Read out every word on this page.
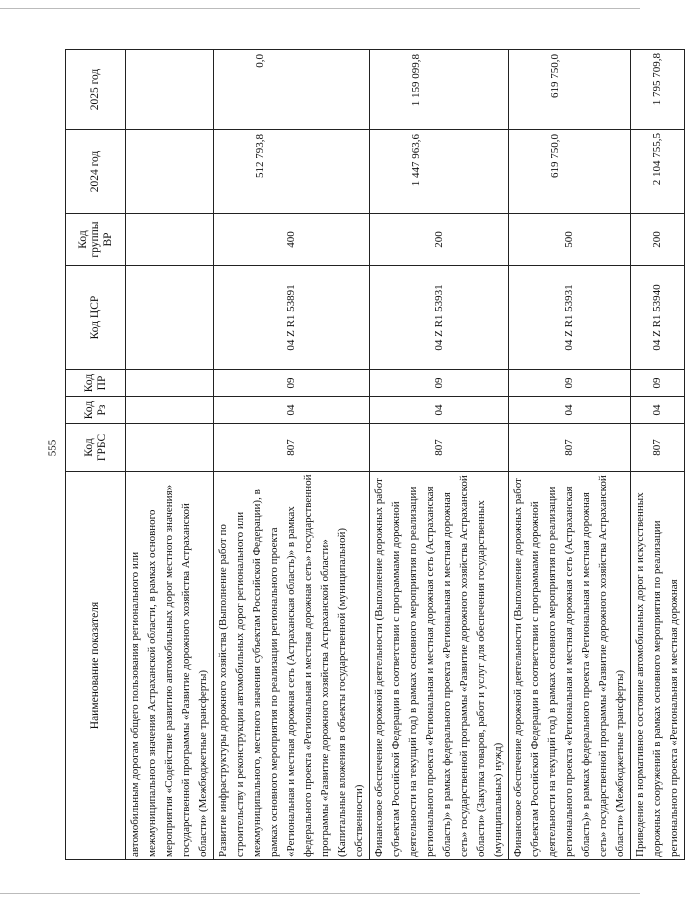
555
Наименование показателя	Код ГРБС	Код Рз	Код ПР	Код ЦСР	Код группы ВР	2024 год	2025 год
автомобильным дорогам общего пользования регионального или межмуниципального значения Астраханской области, в рамках основного мероприятия «Содействие развитию автомобильных дорог местного значения» государственной программы «Развитие дорожного хозяйства Астраханской области» (Межбюджетные трансферты)							
Развитие инфраструктуры дорожного хозяйства (Выполнение работ по строительству и реконструкции автомобильных дорог регионального или межмуниципального, местного значения субъектам Российской Федерации), в рамках основного мероприятия по реализации регионального проекта «Региональная и местная дорожная сеть (Астраханская область)» в рамках федерального проекта «Региональная и местная дорожная сеть» государственной программы «Развитие дорожного хозяйства Астраханской области» (Капитальные вложения в объекты государственной (муниципальной) собственности)	807	04	09	04 Z R1 53891	400	512 793,8	0,0
Финансовое обеспечение дорожной деятельности (Выполнение дорожных работ субъектам Российской Федерации в соответствии с программами дорожной деятельности на текущий год) в рамках основного мероприятия по реализации регионального проекта «Региональная и местная дорожная сеть (Астраханская область)» в рамках федерального проекта «Региональная и местная дорожная сеть» государственной программы «Развитие дорожного хозяйства Астраханской области» (Закупка товаров, работ и услуг для обеспечения государственных (муниципальных) нужд)	807	04	09	04 Z R1 53931	200	1 447 963,6	1 159 099,8
Финансовое обеспечение дорожной деятельности (Выполнение дорожных работ субъектам Российской Федерации в соответствии с программами дорожной деятельности на текущий год) в рамках основного мероприятия по реализации регионального проекта «Региональная и местная дорожная сеть (Астраханская область)» в рамках федерального проекта «Региональная и местная дорожная сеть» государственной программы «Развитие дорожного хозяйства Астраханской области» (Межбюджетные трансферты)	807	04	09	04 Z R1 53931	500	619 750,0	619 750,0
Приведение в нормативное состояние автомобильных дорог и искусственных дорожных сооружений в рамках основного мероприятия по реализации регионального проекта «Региональная и местная дорожная	807	04	09	04 Z R1 53940	200	2 104 755,5	1 795 709,8
